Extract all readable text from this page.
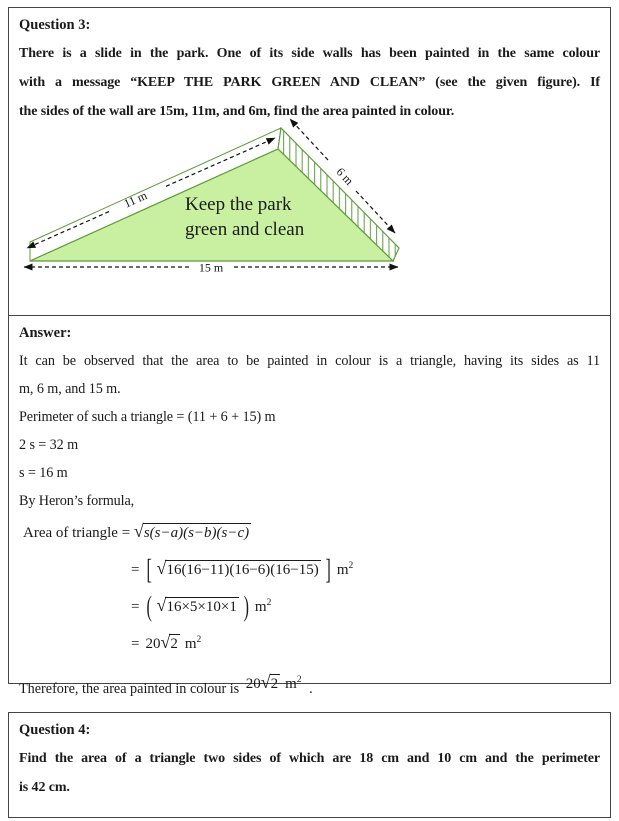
Question 3:
There is a slide in the park. One of its side walls has been painted in the same colour
with a message “KEEP THE PARK GREEN AND CLEAN” (see the given figure). If
the sides of the wall are 15m, 11m, and 6m, find the area painted in colour.
Keep the park
green and clean
11 m
6 m
15 m
Answer:
It can be observed that the area to be painted in colour is a triangle, having its sides as 11
m, 6 m, and 15 m.
Perimeter of such a triangle = (11 + 6 + 15) m
2 s = 32 m
s = 16 m
By Heron’s formula,
Area of triangle = √s(s−a)(s−b)(s−c)
= [ √16(16−11)(16−6)(16−15) ] $m^2$
= ( √16×5×10×1 ) $m^2$
= 20√2 $m^2$
Therefore, the area painted in colour is 20√2 $m^2$ .
Question 4:
Find the area of a triangle two sides of which are 18 cm and 10 cm and the perimeter
is 42 cm.
